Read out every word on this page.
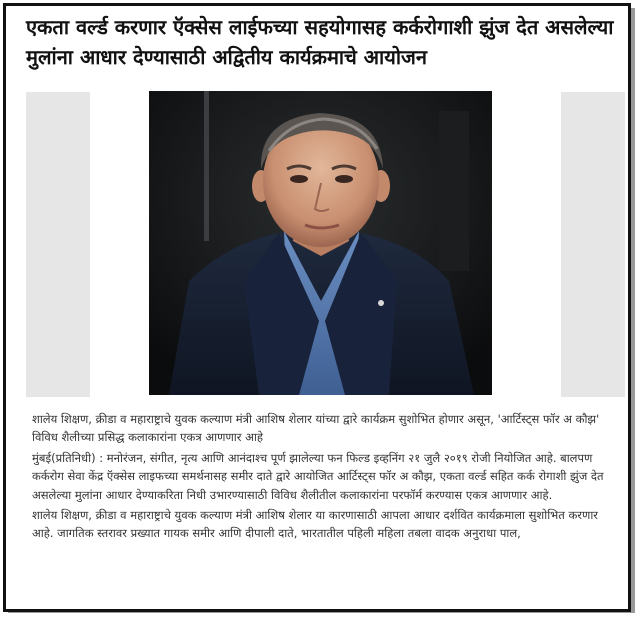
एकता वर्ल्ड करणार ऍक्सेस लाईफच्या सहयोगासह कर्करोगाशी झुंज देत असलेल्या मुलांना आधार देण्यासाठी अद्वितीय कार्यक्रमाचे आयोजन

शालेय शिक्षण, क्रीडा व महाराष्ट्राचे युवक कल्याण मंत्री आशिष शेलार यांच्या द्वारे कार्यक्रम सुशोभित होणार असून, 'आर्टिस्ट्स फॉर अ कौझ' विविध शैलीच्या प्रसिद्ध कलाकारांना एकत्र आणणार आहे

मुंबई(प्रतिनिधी) : मनोरंजन, संगीत, नृत्य आणि आनंदाश्च पूर्ण झालेल्या फन फिल्ड इव्हनिंग २१ जुलै २०१९ रोजी नियोजित आहे. बालपण कर्करोग सेवा केंद्र ऍक्सेस लाइफच्या समर्थनासह समीर दाते द्वारे आयोजित आर्टिस्ट्स फॉर अ कौझ, एकता वर्ल्ड सहित कर्क रोगाशी झुंज देत असलेल्या मुलांना आधार देण्याकरिता निधी उभारण्यासाठी विविध शैलीतील कलाकारांना परफॉर्म करण्यास एकत्र आणणार आहे.

शालेय शिक्षण, क्रीडा व महाराष्ट्राचे युवक कल्याण मंत्री आशिष शेलार या कारणासाठी आपला आधार दर्शवित कार्यक्रमाला सुशोभित करणार आहे. जागतिक स्तरावर प्रख्यात गायक समीर आणि दीपाली दाते, भारतातील पहिली महिला तबला वादक अनुराधा पाल,
